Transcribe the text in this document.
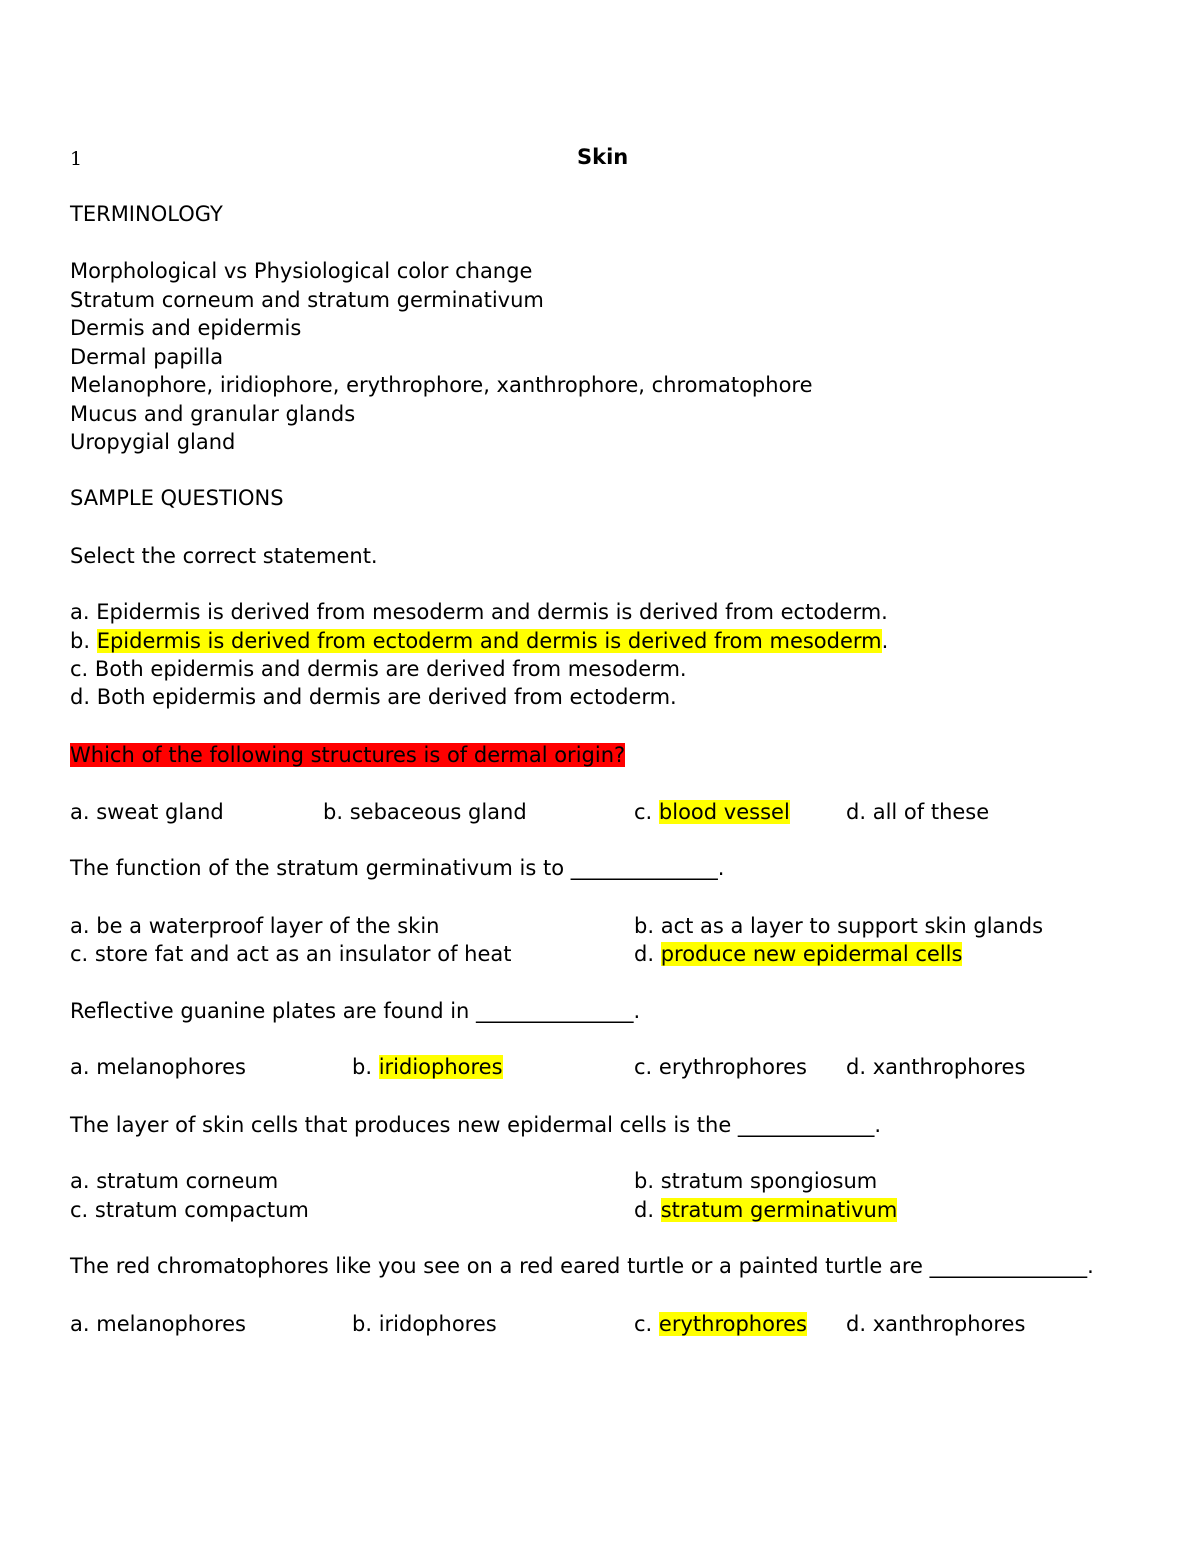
1	Skin
TERMINOLOGY
Morphological vs Physiological color change
Stratum corneum and stratum germinativum
Dermis and epidermis
Dermal papilla
Melanophore, iridiophore, erythrophore, xanthrophore, chromatophore
Mucus and granular glands
Uropygial gland
SAMPLE QUESTIONS
Select the correct statement.
a. Epidermis is derived from mesoderm and dermis is derived from ectoderm.
b. Epidermis is derived from ectoderm and dermis is derived from mesoderm.
c. Both epidermis and dermis are derived from mesoderm.
d. Both epidermis and dermis are derived from ectoderm.
Which of the following structures is of dermal origin?
a. sweat gland	b. sebaceous gland	c. blood vessel	d. all of these
The function of the stratum germinativum is to ______________.
a. be a waterproof layer of the skin	b. act as a layer to support skin glands
c. store fat and act as an insulator of heat	d. produce new epidermal cells
Reflective guanine plates are found in _______________.
a. melanophores	b. iridiophores	c. erythrophores d. xanthrophores
The layer of skin cells that produces new epidermal cells is the _____________.
a. stratum corneum	b. stratum spongiosum
c. stratum compactum	d. stratum germinativum
The red chromatophores like you see on a red eared turtle or a painted turtle are _______________.
a. melanophores	b. iridophores	c. erythrophores d. xanthrophores
